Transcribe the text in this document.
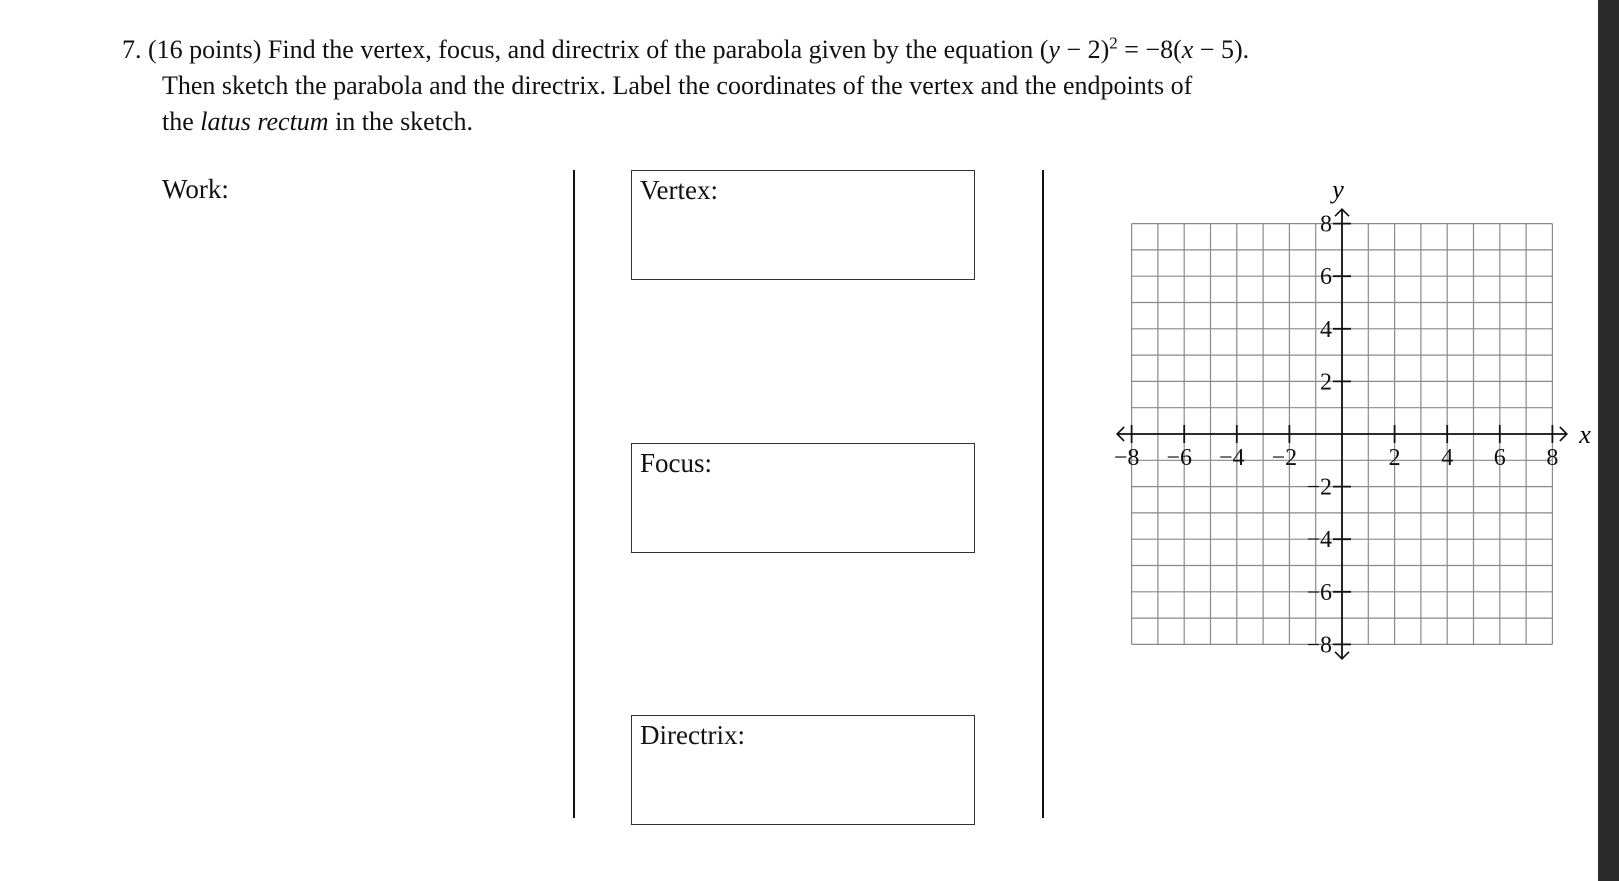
7. (16 points) Find the vertex, focus, and directrix of the parabola given by the equation $(y - 2)^2 = -8(x - 5)$.
Then sketch the parabola and the directrix. Label the coordinates of the vertex and the endpoints of
the latus rectum in the sketch.
Work:	Vertex:
Focus:
Directrix:
−8 −6 −4 −2	2 4 6 8
8
6
4
2
−2
−4
−6
−8
x
y
